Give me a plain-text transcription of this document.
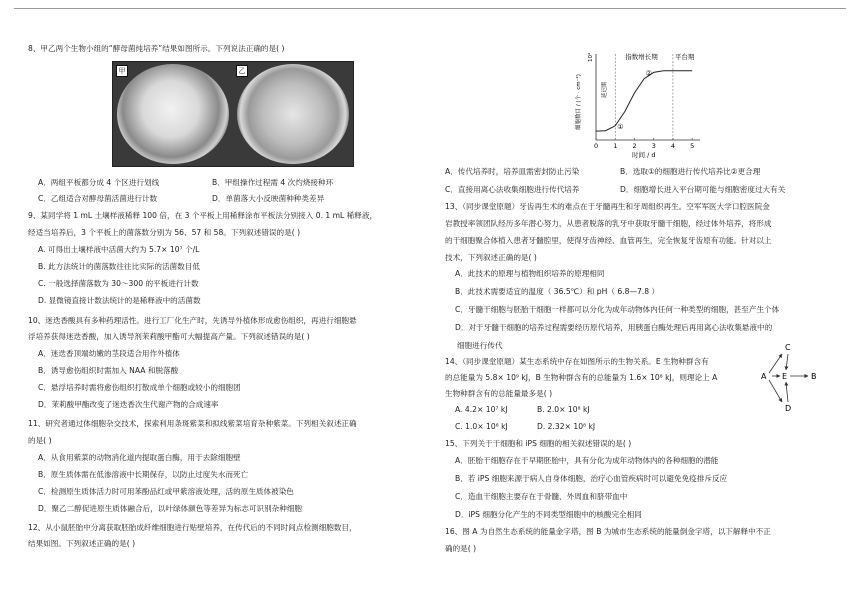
8、甲乙两个生物小组的“酵母菌纯培养”结果如图所示。下列说法正确的是( )
甲	乙
A．两组平板都分成 4 个区进行划线	B．甲组操作过程需 4 次灼烧接种环
C．乙组适合对酵母菌活菌进行计数	D．单菌落大小反映菌种种类差异
9、某同学将 1 mL 土壤样液稀释 100 倍，在 3 个平板上用稀释涂布平板法分别接入 0. 1 mL 稀释液，
经适当培养后，3 个平板上的菌落数分别为 56、57 和 58。下列叙述错误的是( )
A. 可得出土壤样液中活菌大约为 5.7× 10⁷ 个/L
B. 此方法统计的菌落数往往比实际的活菌数目低
C. 一般选择菌落数为 30～300 的平板进行计数
D. 显微镜直接计数法统计的是稀释液中的活菌数
10、迷迭香酸具有多种药理活性。进行工厂化生产时，先诱导外植体形成愈伤组织，再进行细胞悬
浮培养获得迷迭香酸，加入诱导剂茉莉酸甲酯可大幅提高产量。下列叙述错误的是( )
A．迷迭香顶端幼嫩的茎段适合用作外植体
B．诱导愈伤组织时需加入 NAA 和脱落酸
C．悬浮培养时需将愈伤组织打散成单个细胞或较小的细胞团
D．茉莉酸甲酯改变了迷迭香次生代谢产物的合成速率
11、研究者通过体细胞杂交技术，探索利用条斑紫菜和拟线紫菜培育杂种紫菜。下列相关叙述正确
的是( )
A．从食用紫菜的动物消化道内提取蛋白酶，用于去除细胞壁
B．原生质体需在低渗溶液中长期保存，以防止过度失水而死亡
C．检测原生质体活力时可用苯酚品红或甲紫溶液处理，活的原生质体被染色
D．聚乙二醇促进原生质体融合后，以叶绿体颜色等差异为标志可识别杂种细胞
12、从小鼠胚胎中分离获取胚胎成纤维细胞进行贴壁培养，在传代后的不同时间点检测细胞数目，
结果如图。下列叙述正确的是( )
0 1 2 3 4 5
时间 / d
细胞数目 / (个 · cm⁻²)
10⁴
延迟期
指数增长期	平台期
①
②
A．传代培养时，培养皿需密封防止污染	B．选取①的细胞进行传代培养比②更合理
C．直接用离心法收集细胞进行传代培养	D．细胞增长进入平台期可能与细胞密度过大有关
13、（同步课堂原题）牙齿再生术的难点在于牙髓再生和牙周组织再生。空军军医大学口腔医院金
岩教授率领团队经历多年潜心努力，从患者脱落的乳牙中获取牙髓干细胞，经过体外培养，将形成
的干细胞聚合体植入患者牙髓腔里，使得牙齿神经、血管再生，完全恢复牙齿原有功能。针对以上
技术，下列叙述正确的是( )
A．此技术的原理与植物组织培养的原理相同
B．此技术需要适宜的温度（ 36.5℃）和 pH（ 6.8—7.8 ）
C．牙髓干细胞与胚胎干细胞一样都可以分化为成年动物体内任何一种类型的细胞，甚至产生个体
D．对于牙髓干细胞的培养过程需要经历原代培养，用胰蛋白酶处理后再用离心法收集悬液中的
细胞进行传代
14、（同步课堂原题）某生态系统中存在如图所示的生物关系。E 生物种群含有
的总能量为 5.8× 10⁹ kJ，B 生物种群含有的总能量为 1.6× 10⁸ kJ，则理论上 A
生物种群含有的总能量最多是( )
A. 4.2× 10⁷ kJ	B. 2.0× 10⁸ kJ
C. 1.0× 10⁸ kJ	D. 2.32× 10⁸ kJ
C
A E	B
D
15、下列关于干细胞和 iPS 细胞的相关叙述错误的是( )
A．胚胎干细胞存在于早期胚胎中，具有分化为成年动物体内的各种细胞的潜能
B．若 iPS 细胞来源于病人自身体细胞，治疗心血管疾病时可以避免免疫排斥反应
C．造血干细胞主要存在于骨髓、外周血和脐带血中
D．iPS 细胞分化产生的不同类型细胞中的核酸完全相同
16、图 A 为自然生态系统的能量金字塔，图 B 为城市生态系统的能量倒金字塔，以下解释中不正
确的是( )
